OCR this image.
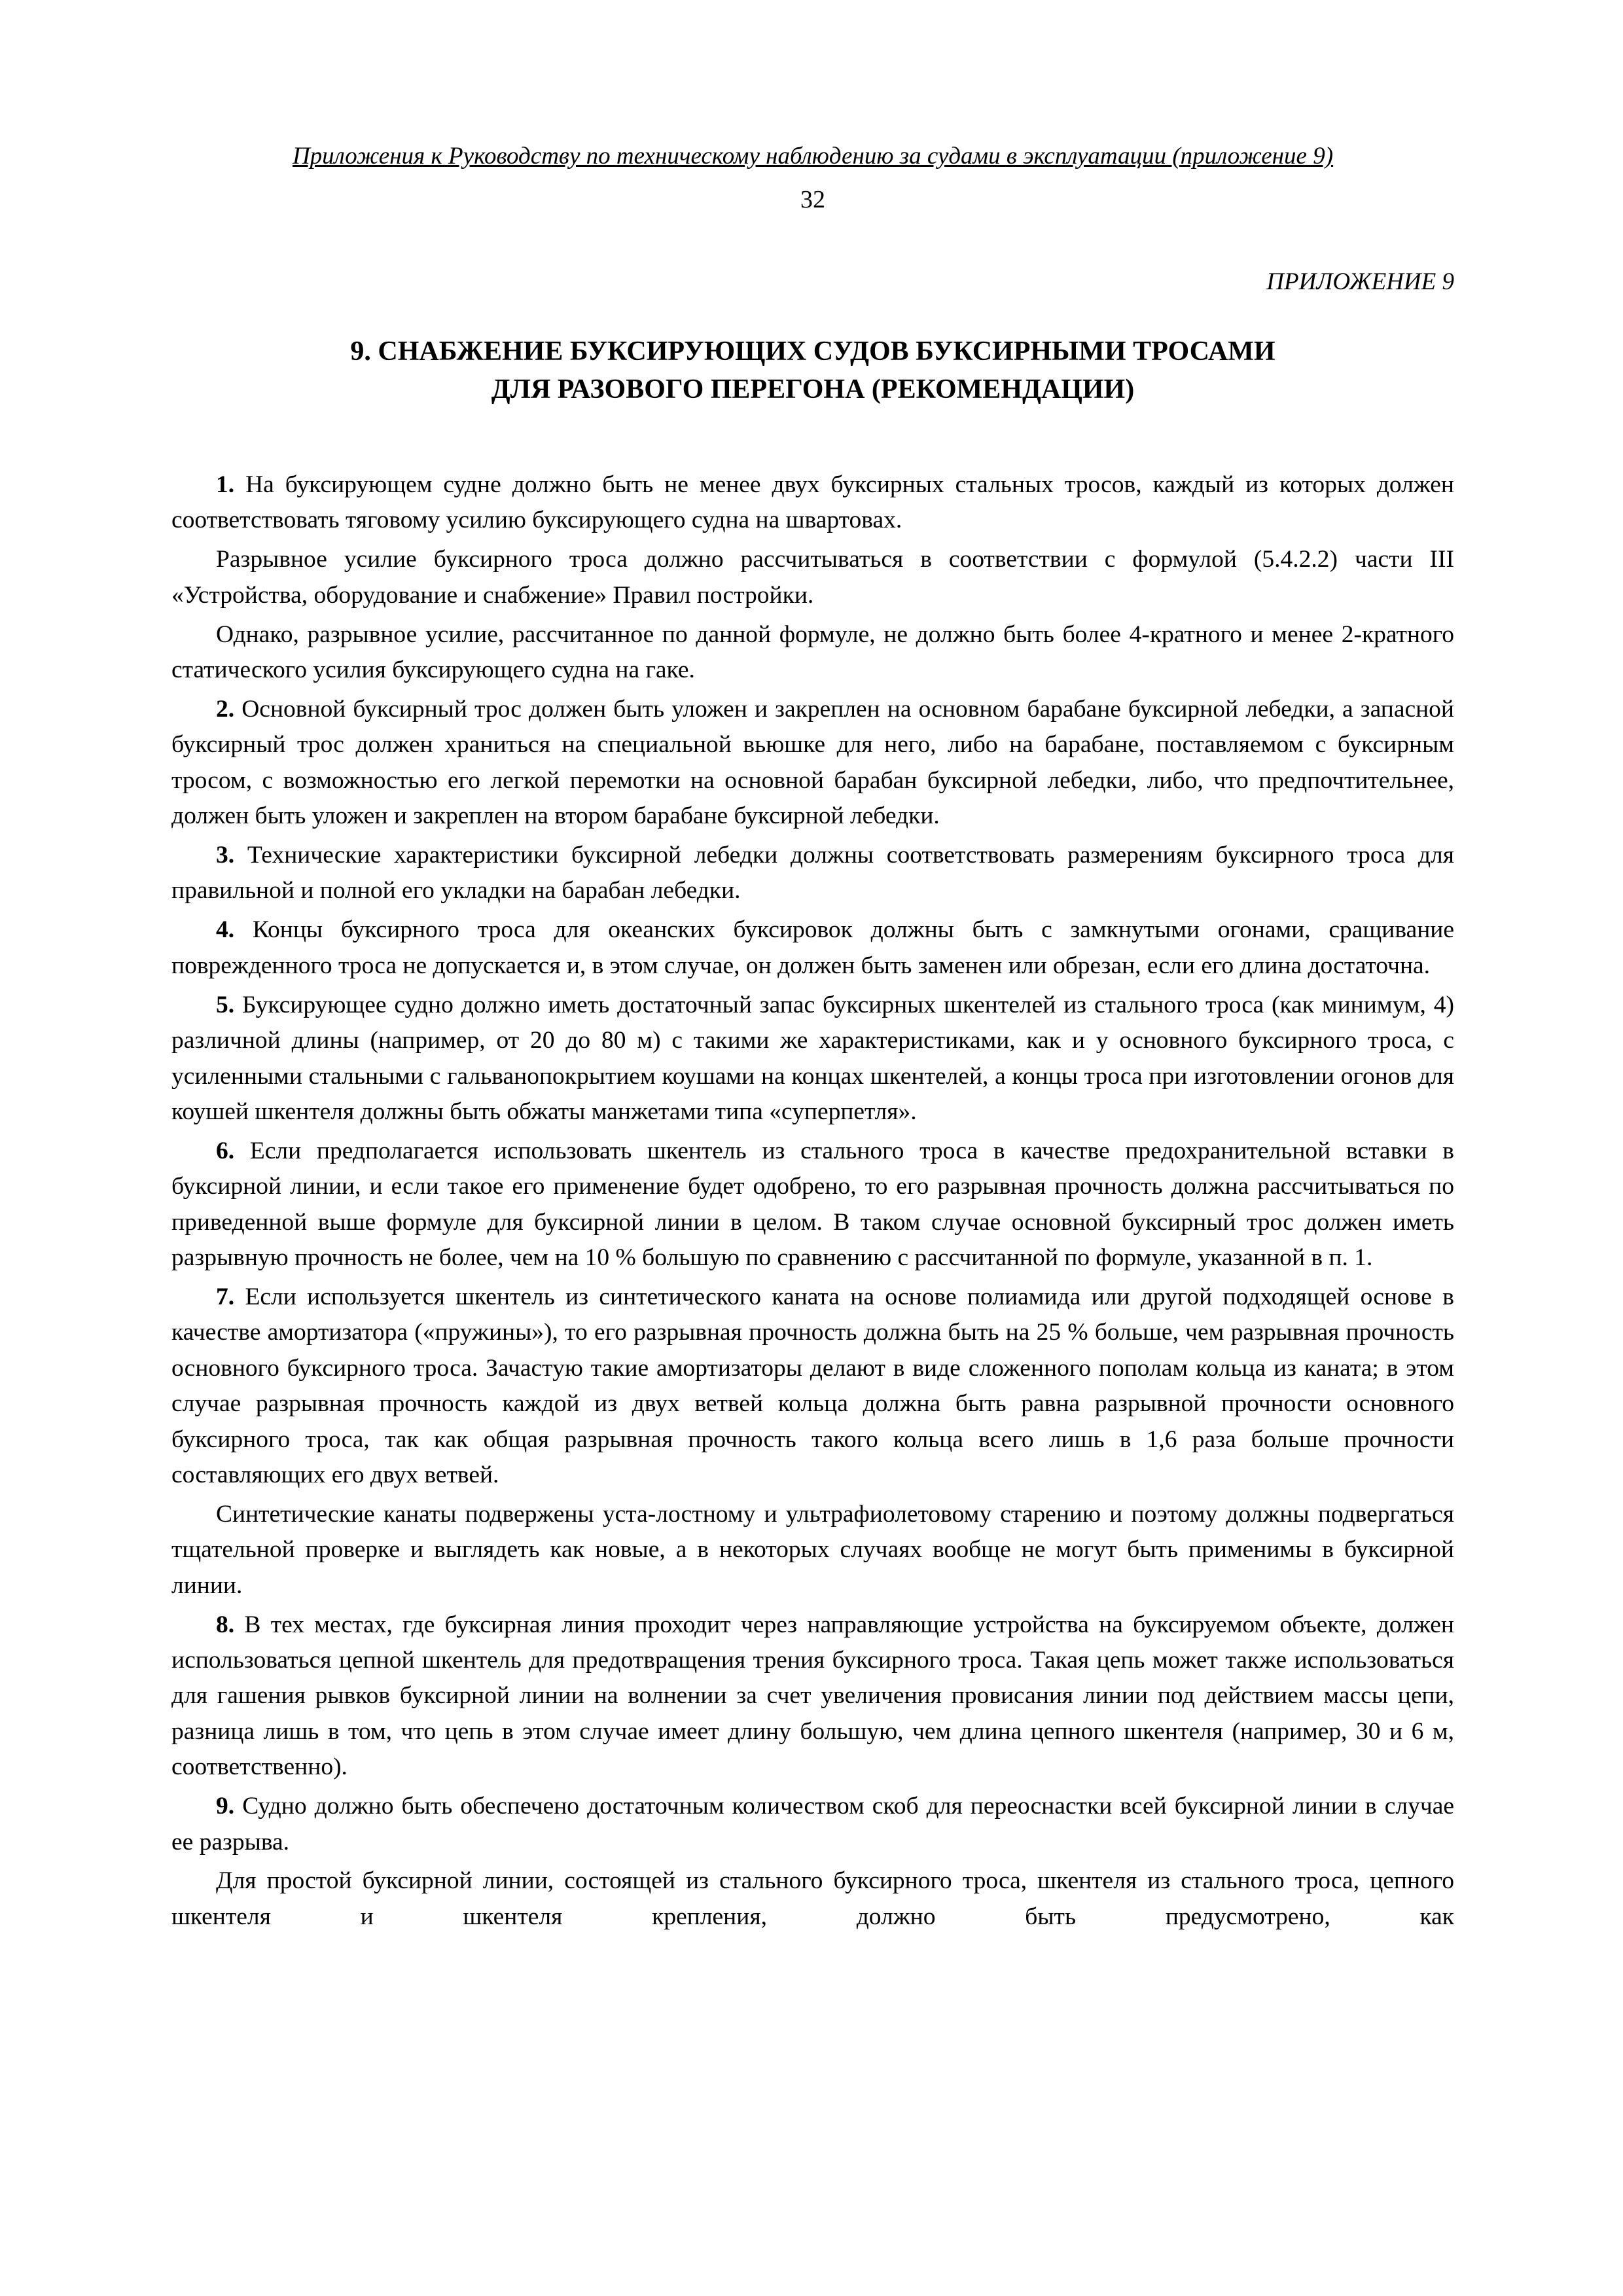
Приложения к Руководству по техническому наблюдению за судами в эксплуатации (приложение 9)
32
ПРИЛОЖЕНИЕ 9
9. СНАБЖЕНИЕ БУКСИРУЮЩИХ СУДОВ БУКСИРНЫМИ ТРОСАМИ
ДЛЯ РАЗОВОГО ПЕРЕГОНА (РЕКОМЕНДАЦИИ)

1. На буксирующем судне должно быть не менее двух буксирных стальных тросов, каждый из которых должен соответствовать тяговому усилию буксирующего судна на швартовах.

Разрывное усилие буксирного троса должно рассчитываться в соответствии с формулой (5.4.2.2) части III «Устройства, оборудование и снабжение» Правил постройки.

Однако, разрывное усилие, рассчитанное по данной формуле, не должно быть более 4-кратного и менее 2-кратного статического усилия буксирующего судна на гаке.

2. Основной буксирный трос должен быть уложен и закреплен на основном барабане буксирной лебедки, а запасной буксирный трос должен храниться на специальной вьюшке для него, либо на барабане, поставляемом с буксирным тросом, с возможностью его легкой перемотки на основной барабан буксирной лебедки, либо, что предпочтительнее, должен быть уложен и закреплен на втором барабане буксирной лебедки.

3. Технические характеристики буксирной лебедки должны соответствовать размерениям буксирного троса для правильной и полной его укладки на барабан лебедки.

4. Концы буксирного троса для океанских буксировок должны быть с замкнутыми огонами, сращивание поврежденного троса не допускается и, в этом случае, он должен быть заменен или обрезан, если его длина достаточна.

5. Буксирующее судно должно иметь достаточный запас буксирных шкентелей из стального троса (как минимум, 4) различной длины (например, от 20 до 80 м) с такими же характеристиками, как и у основного буксирного троса, с усиленными стальными с гальванопокрытием коушами на концах шкентелей, а концы троса при изготовлении огонов для коушей шкентеля должны быть обжаты манжетами типа «суперпетля».

6. Если предполагается использовать шкентель из стального троса в качестве предохранительной вставки в буксирной линии, и если такое его применение будет одобрено, то его разрывная прочность должна рассчитываться по приведенной выше формуле для буксирной линии в целом. В таком случае основной буксирный трос должен иметь разрывную прочность не более, чем на 10 % большую по сравнению с рассчитанной по формуле, указанной в п. 1.

7. Если используется шкентель из синтетического каната на основе полиамида или другой подходящей основе в качестве амортизатора («пружины»), то его разрывная прочность должна быть на 25 % больше, чем разрывная прочность основного буксирного троса. Зачастую такие амортизаторы делают в виде сложенного пополам кольца из каната; в этом случае разрывная прочность каждой из двух ветвей кольца должна быть равна разрывной прочности основного буксирного троса, так как общая разрывная прочность такого кольца всего лишь в 1,6 раза больше прочности составляющих его двух ветвей.

Синтетические канаты подвержены уста-лостному и ультрафиолетовому старению и поэтому должны подвергаться тщательной проверке и выглядеть как новые, а в некоторых случаях вообще не могут быть применимы в буксирной линии.

8. В тех местах, где буксирная линия проходит через направляющие устройства на буксируемом объекте, должен использоваться цепной шкентель для предотвращения трения буксирного троса. Такая цепь может также использоваться для гашения рывков буксирной линии на волнении за счет увеличения провисания линии под действием массы цепи, разница лишь в том, что цепь в этом случае имеет длину большую, чем длина цепного шкентеля (например, 30 и 6 м, соответственно).

9. Судно должно быть обеспечено достаточным количеством скоб для переоснастки всей буксирной линии в случае ее разрыва.

Для простой буксирной линии, состоящей из стального буксирного троса, шкентеля из стального троса, цепного шкентеля и шкентеля крепления, должно быть предусмотрено, как
